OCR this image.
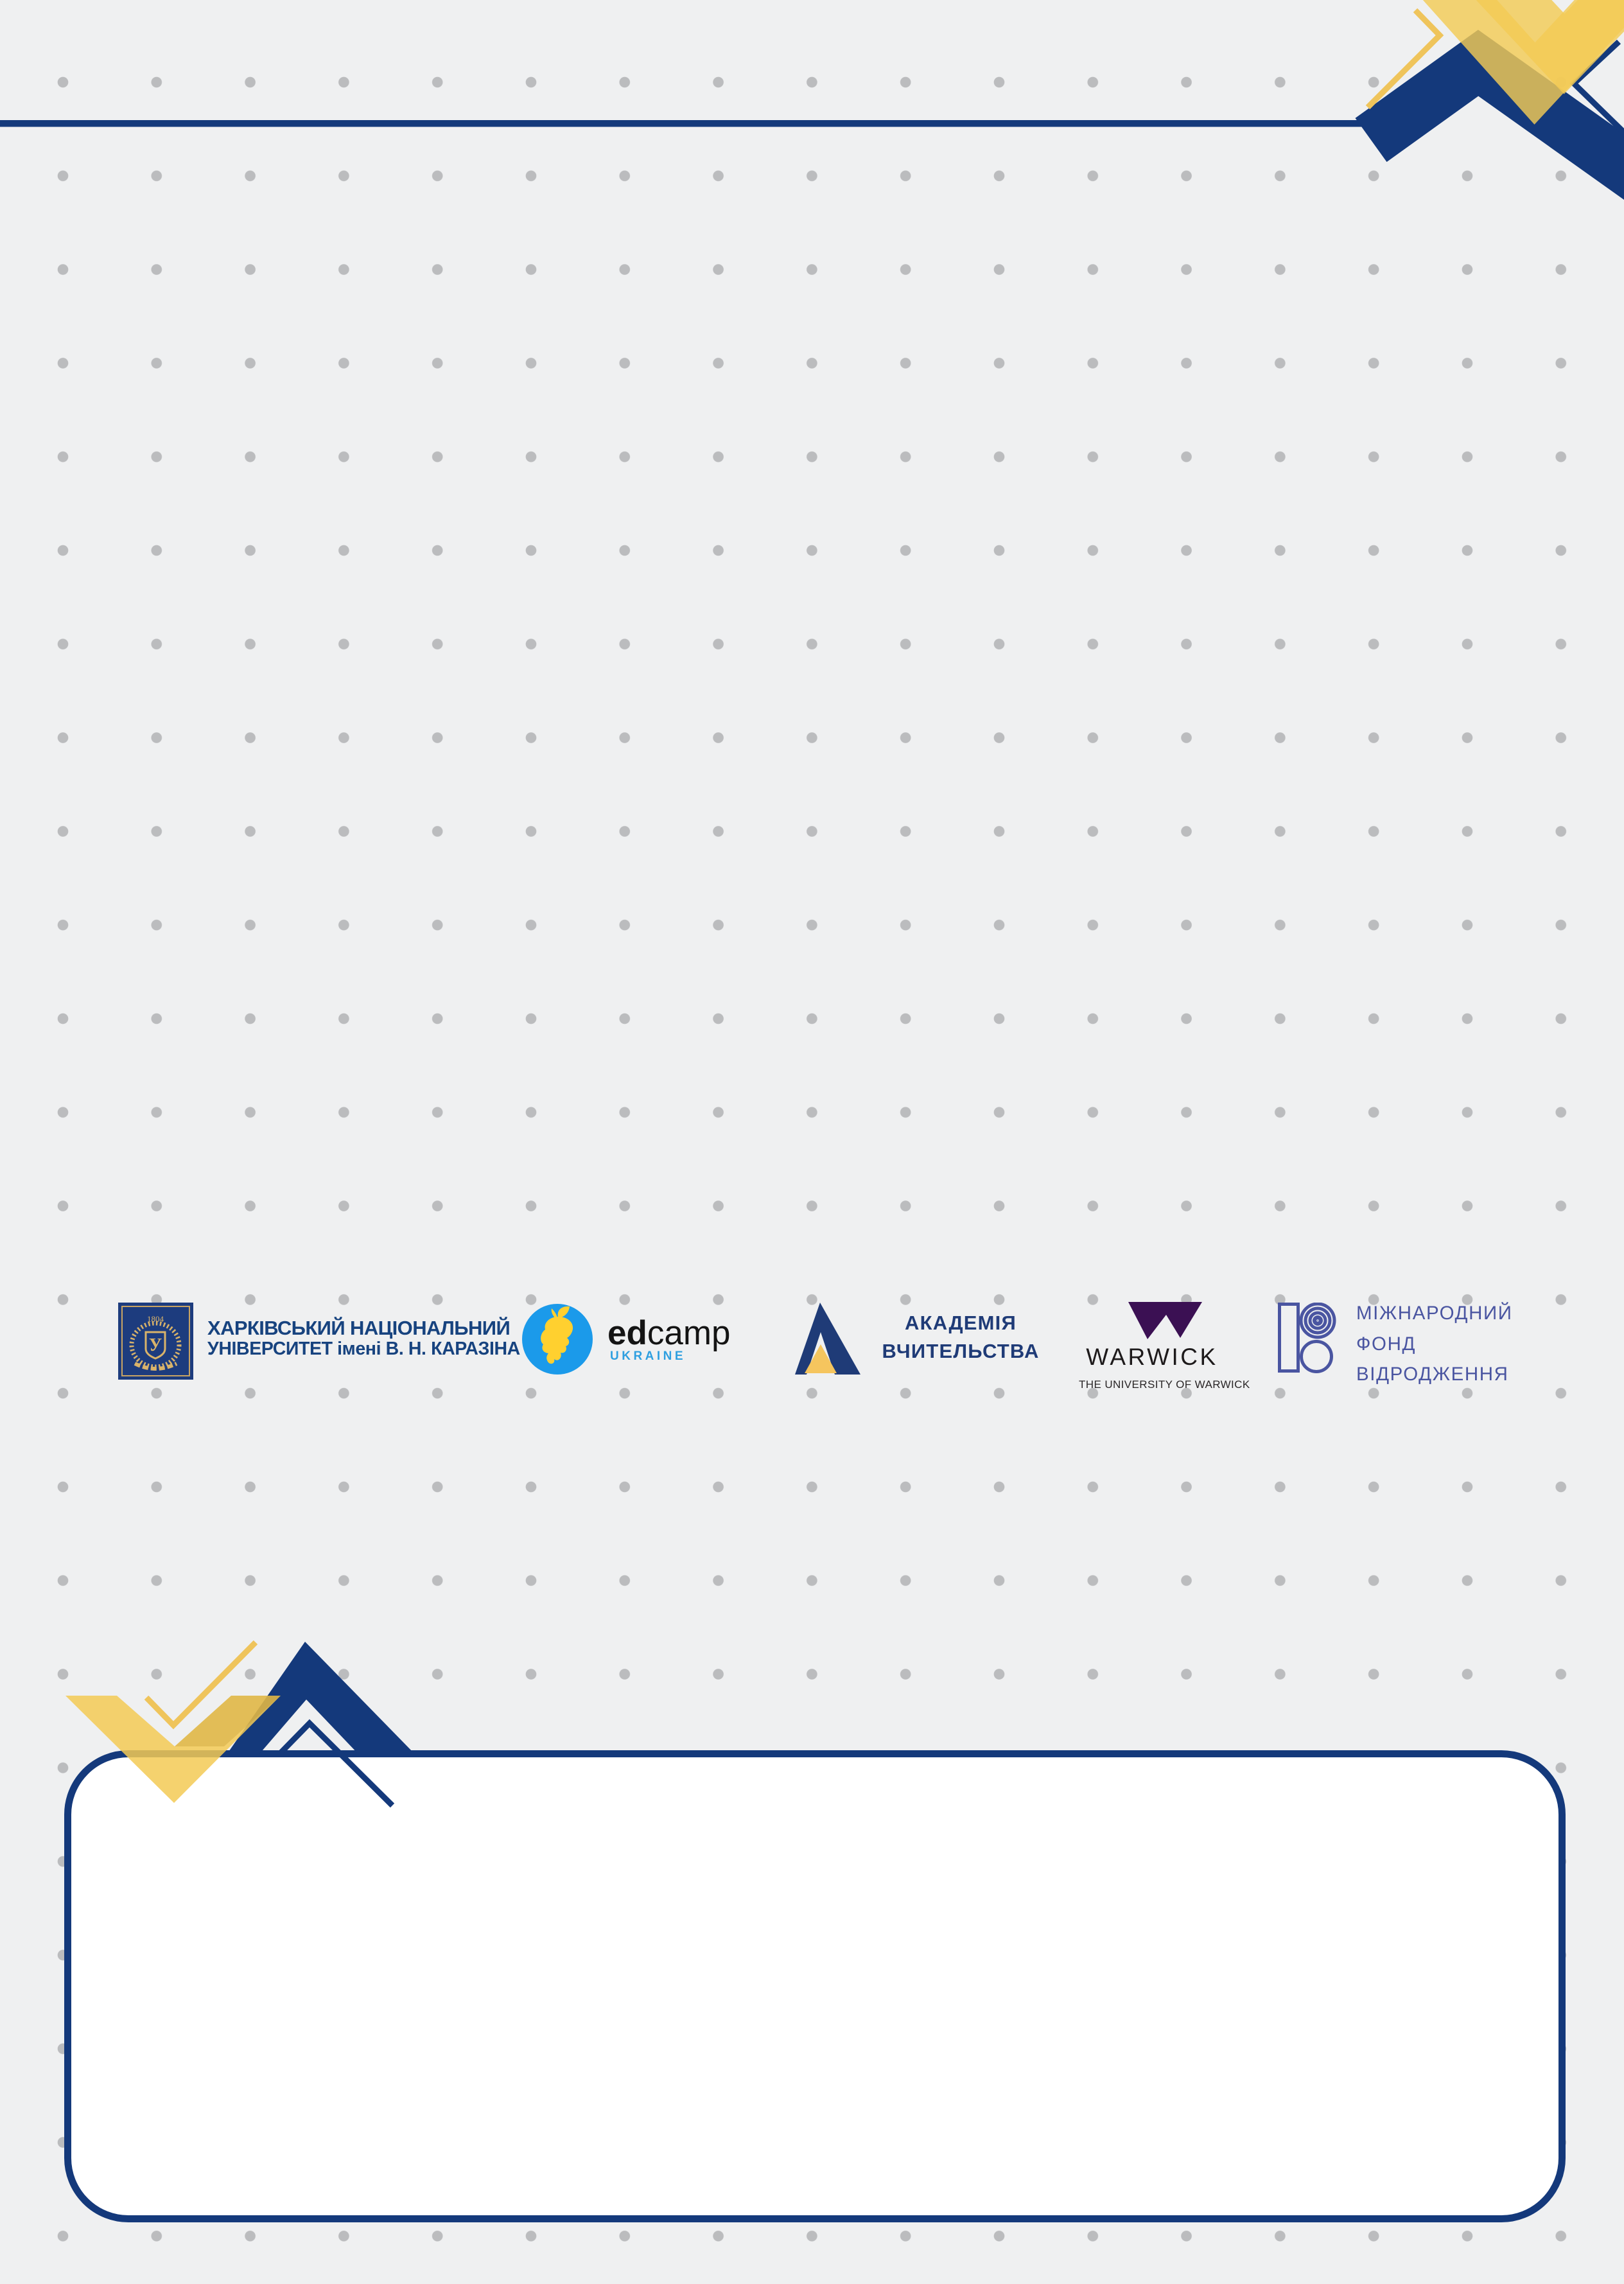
1804
У
ХАРКІВСЬКИЙ НАЦІОНАЛЬНИЙ
УНІВЕРСИТЕТ імені В. Н. КАРАЗІНА	edcamp
UKRAINE
АКАДЕМІЯ
ВЧИТЕЛЬСТВА	WARWICK
THE UNIVERSITY OF WARWICK
МІЖНАРОДНИЙ
ФОНД
ВІДРОДЖЕННЯ
